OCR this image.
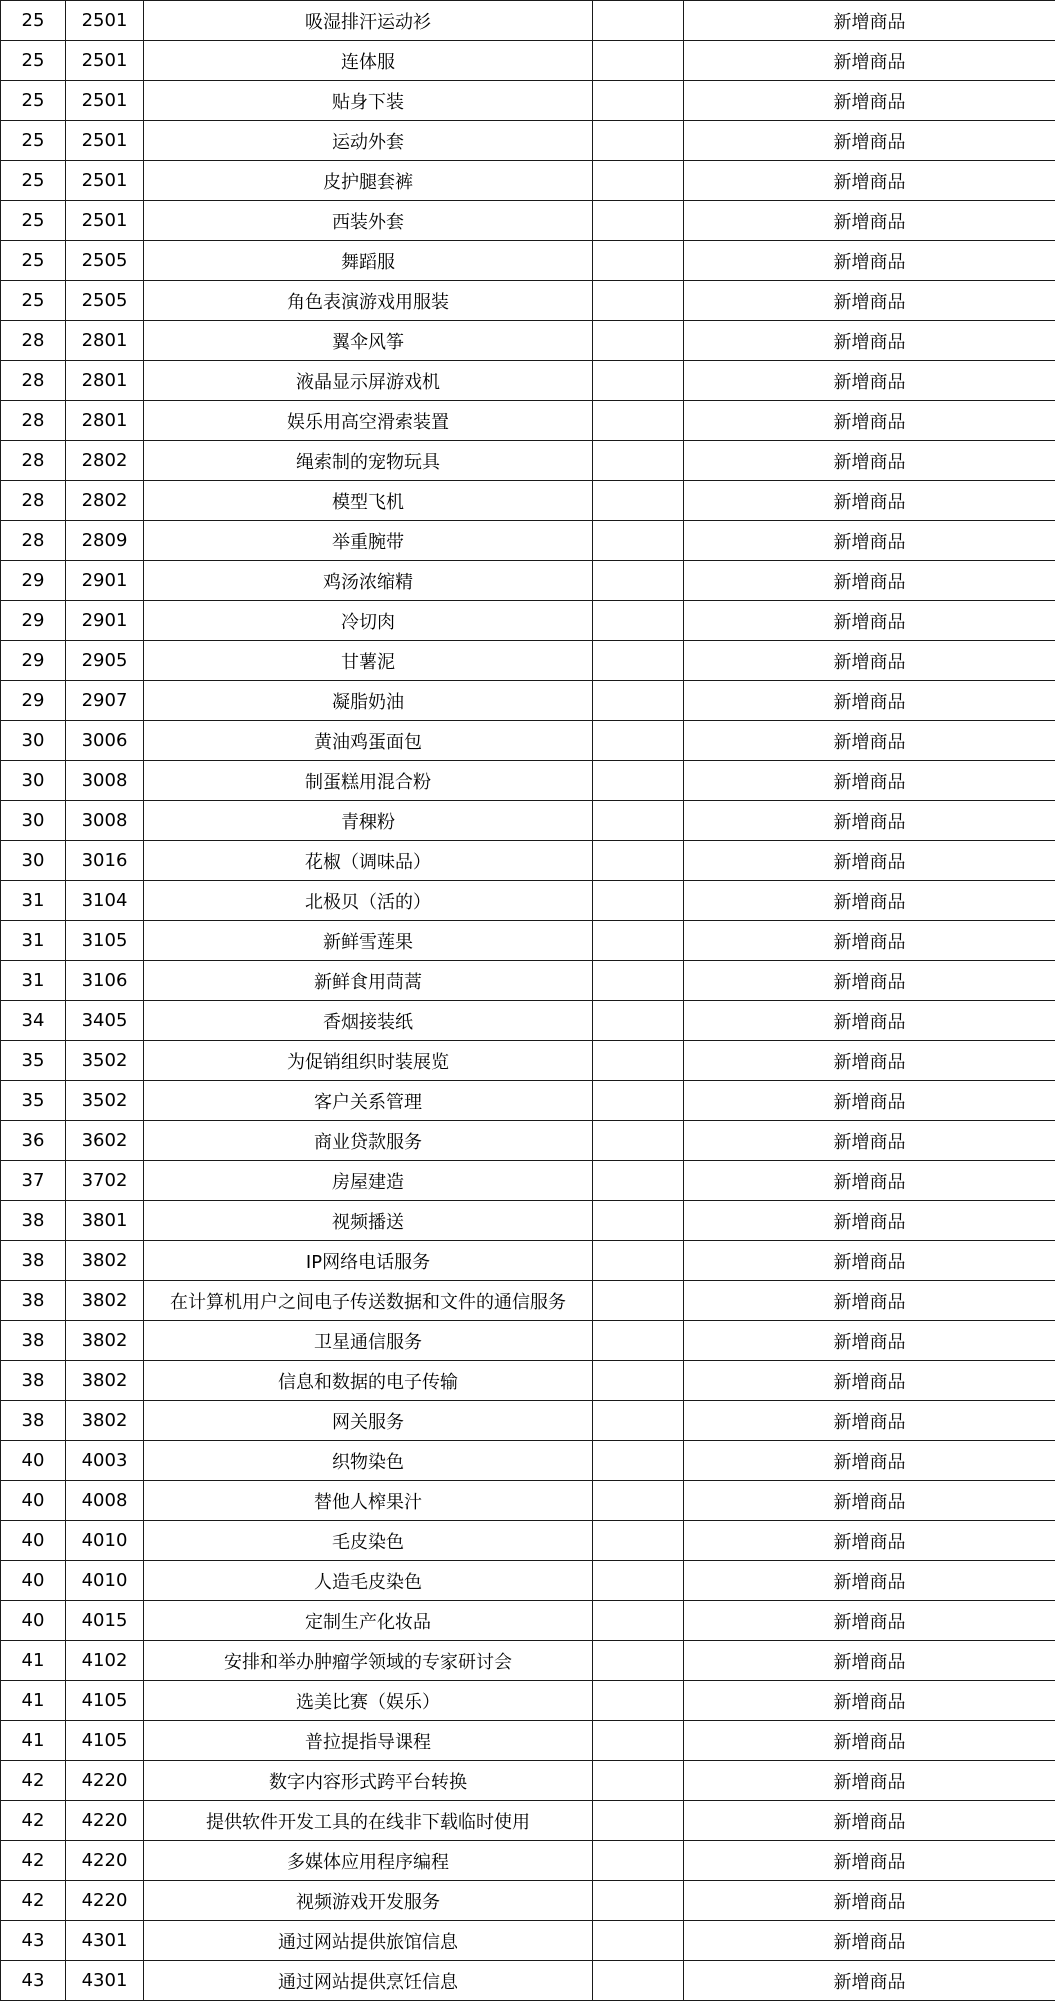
25	2501	吸湿排汗运动衫		新增商品
25	2501	连体服		新增商品
25	2501	贴身下装		新增商品
25	2501	运动外套		新增商品
25	2501	皮护腿套裤		新增商品
25	2501	西装外套		新增商品
25	2505	舞蹈服		新增商品
25	2505	角色表演游戏用服装		新增商品
28	2801	翼伞风筝		新增商品
28	2801	液晶显示屏游戏机		新增商品
28	2801	娱乐用高空滑索装置		新增商品
28	2802	绳索制的宠物玩具		新增商品
28	2802	模型飞机		新增商品
28	2809	举重腕带		新增商品
29	2901	鸡汤浓缩精		新增商品
29	2901	冷切肉		新增商品
29	2905	甘薯泥		新增商品
29	2907	凝脂奶油		新增商品
30	3006	黄油鸡蛋面包		新增商品
30	3008	制蛋糕用混合粉		新增商品
30	3008	青稞粉		新增商品
30	3016	花椒（调味品）		新增商品
31	3104	北极贝（活的）		新增商品
31	3105	新鲜雪莲果		新增商品
31	3106	新鲜食用茼蒿		新增商品
34	3405	香烟接装纸		新增商品
35	3502	为促销组织时装展览		新增商品
35	3502	客户关系管理		新增商品
36	3602	商业贷款服务		新增商品
37	3702	房屋建造		新增商品
38	3801	视频播送		新增商品
38	3802	IP网络电话服务		新增商品
38	3802	在计算机用户之间电子传送数据和文件的通信服务		新增商品
38	3802	卫星通信服务		新增商品
38	3802	信息和数据的电子传输		新增商品
38	3802	网关服务		新增商品
40	4003	织物染色		新增商品
40	4008	替他人榨果汁		新增商品
40	4010	毛皮染色		新增商品
40	4010	人造毛皮染色		新增商品
40	4015	定制生产化妆品		新增商品
41	4102	安排和举办肿瘤学领域的专家研讨会		新增商品
41	4105	选美比赛（娱乐）		新增商品
41	4105	普拉提指导课程		新增商品
42	4220	数字内容形式跨平台转换		新增商品
42	4220	提供软件开发工具的在线非下载临时使用		新增商品
42	4220	多媒体应用程序编程		新增商品
42	4220	视频游戏开发服务		新增商品
43	4301	通过网站提供旅馆信息		新增商品
43	4301	通过网站提供烹饪信息		新增商品
